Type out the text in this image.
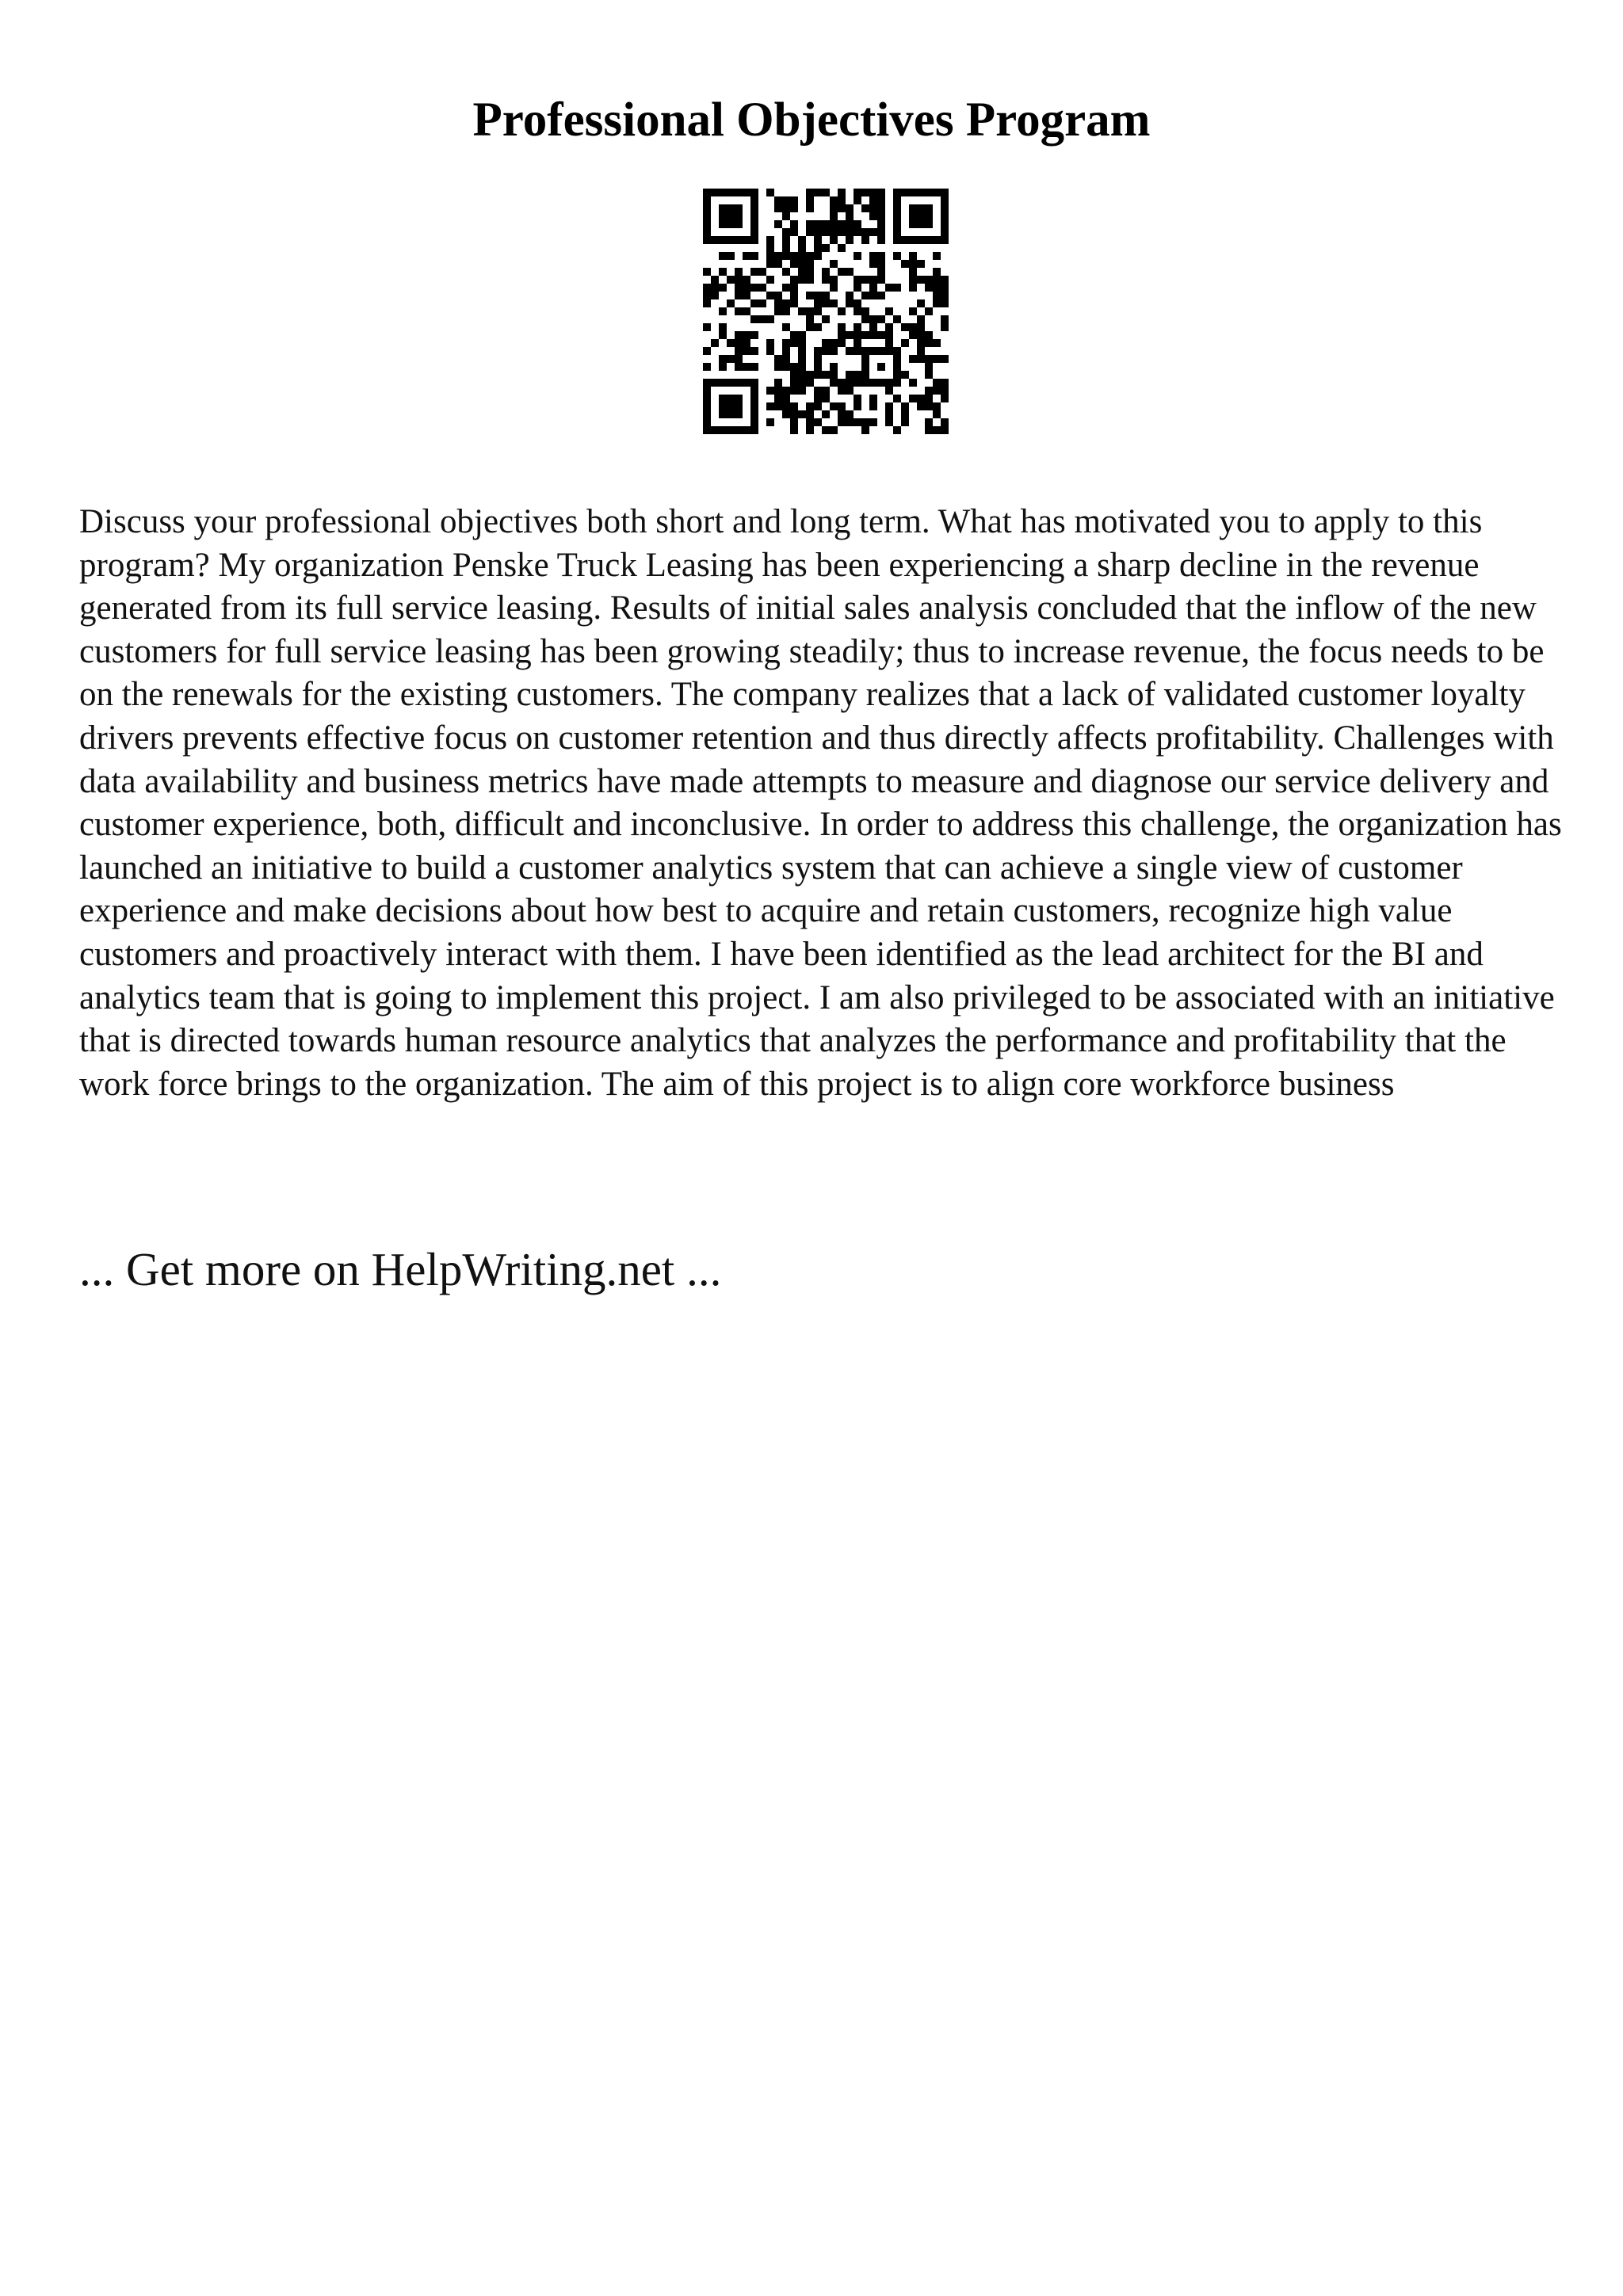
Professional Objectives Program

Discuss your professional objectives both short and long term. What has motivated you to apply to this program? My organization Penske Truck Leasing has been experiencing a sharp decline in the revenue generated from its full service leasing. Results of initial sales analysis concluded that the inflow of the new customers for full service leasing has been growing steadily; thus to increase revenue, the focus needs to be on the renewals for the existing customers. The company realizes that a lack of validated customer loyalty drivers prevents effective focus on customer retention and thus directly affects profitability. Challenges with data availability and business metrics have made attempts to measure and diagnose our service delivery and customer experience, both, difficult and inconclusive. In order to address this challenge, the organization has launched an initiative to build a customer analytics system that can achieve a single view of customer experience and make decisions about how best to acquire and retain customers, recognize high value customers and proactively interact with them. I have been identified as the lead architect for the BI and analytics team that is going to implement this project. I am also privileged to be associated with an initiative that is directed towards human resource analytics that analyzes the performance and profitability that the work force brings to the organization. The aim of this project is to align core workforce business

... Get more on HelpWriting.net ...
